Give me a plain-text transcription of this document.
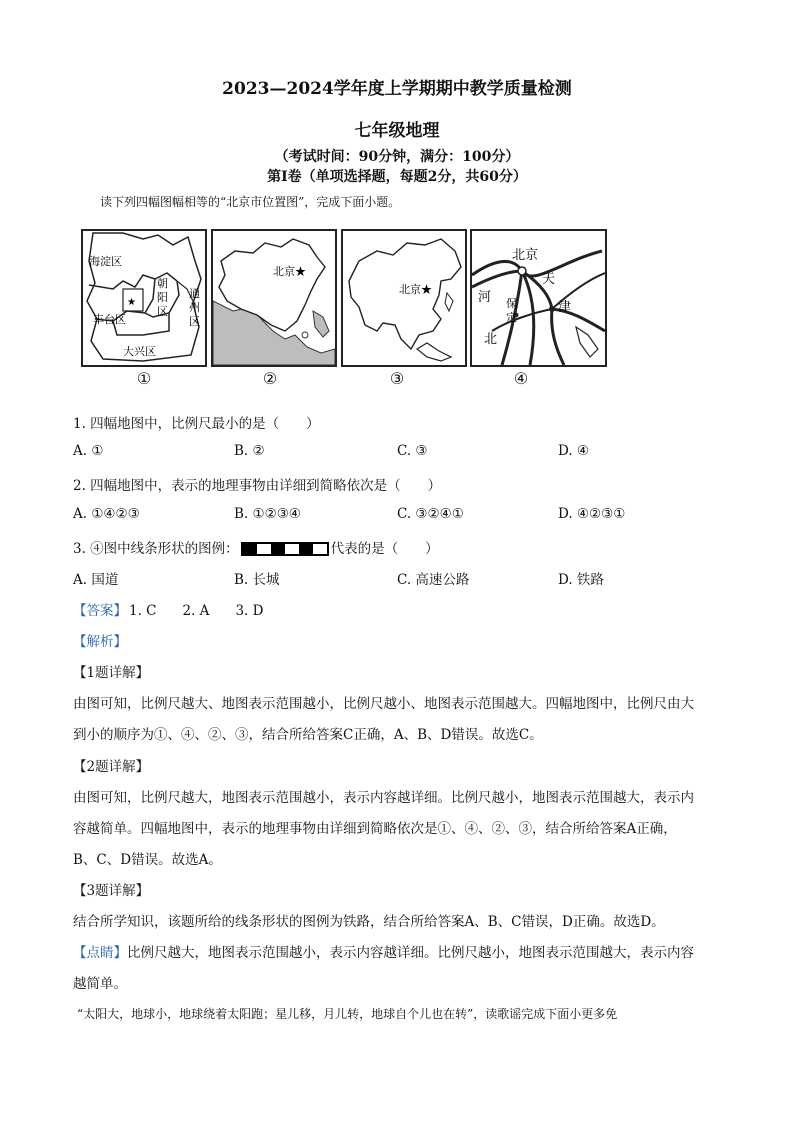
2023—2024学年度上学期期中教学质量检测
七年级地理
（考试时间：90分钟，满分：100分）
第Ⅰ卷（单项选择题，每题2分，共60分）
读下列四幅图幅相等的“北京市位置图”，完成下面小题。
海淀区
朝
阳
区
通
州
区
丰台区
大兴区
★
①
北京★
②
北京★
③
北京
河
北
天
津
保
定
④
1. 四幅地图中，比例尺最小的是（　　）
A. ①	B. ②	C. ③	D. ④
2. 四幅地图中，表示的地理事物由详细到简略依次是（　　）
A. ①④②③	B. ①②③④	C. ③②④①	D. ④②③①
3. ④图中线条形状的图例：	代表的是（　　）
A. 国道	B. 长城	C. 高速公路	D. 铁路
【答案】 1. C 2. A 3. D
【解析】
【1题详解】
由图可知，比例尺越大、地图表示范围越小，比例尺越小、地图表示范围越大。四幅地图中，比例尺由大
到小的顺序为①、④、②、③，结合所给答案C正确，A、B、D错误。故选C。
【2题详解】
由图可知，比例尺越大，地图表示范围越小，表示内容越详细。比例尺越小，地图表示范围越大，表示内
容越简单。四幅地图中，表示的地理事物由详细到简略依次是①、④、②、③，结合所给答案A正确，
B、C、D错误。故选A。
【3题详解】
结合所学知识，该题所给的线条形状的图例为铁路，结合所给答案A、B、C错误，D正确。故选D。
【点睛】比例尺越大，地图表示范围越小，表示内容越详细。比例尺越小，地图表示范围越大，表示内容
越简单。
“太阳大，地球小，地球绕着太阳跑；星儿移，月儿转，地球自个儿也在转”，读歌谣完成下面小更多免
